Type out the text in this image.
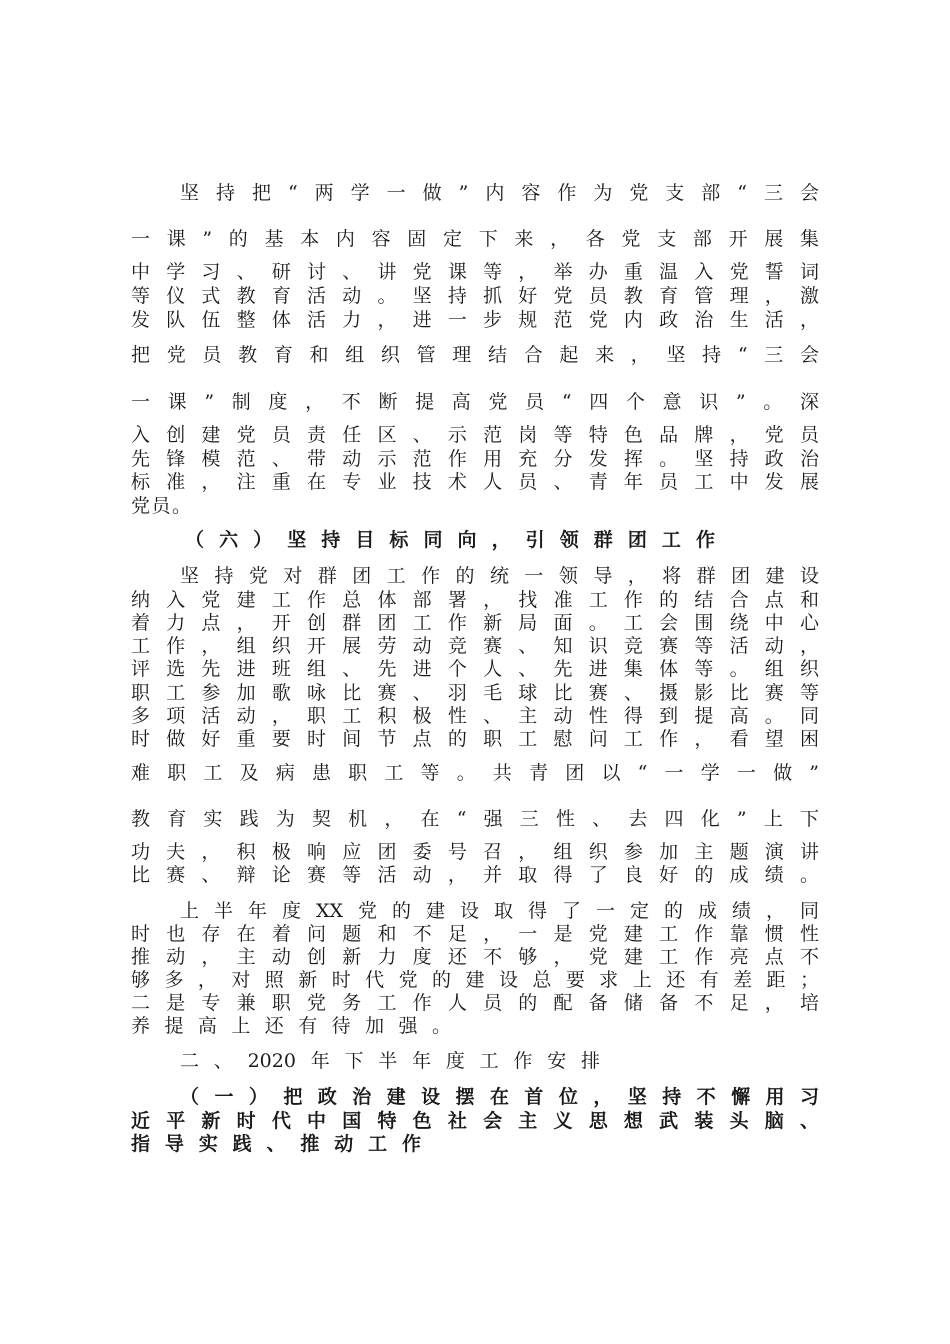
坚持把“两学一做”内容作为党支部“三会
一课”的基本内容固定下来，各党支部开展集
中学习、研讨、讲党课等，举办重温入党誓词
等仪式教育活动。坚持抓好党员教育管理，激
发队伍整体活力，进一步规范党内政治生活，
把党员教育和组织管理结合起来，坚持“三会
一课”制度，不断提高党员“四个意识”。深
入创建党员责任区、示范岗等特色品牌，党员
先锋模范、带动示范作用充分发挥。坚持政治
标准，注重在专业技术人员、青年员工中发展
党员。
（六）坚持目标同向，引领群团工作
坚持党对群团工作的统一领导，将群团建设
纳入党建工作总体部署，找准工作的结合点和
着力点，开创群团工作新局面。工会围绕中心
工作，组织开展劳动竞赛、知识竞赛等活动，
评选先进班组、先进个人、先进集体等。组织
职工参加歌咏比赛、羽毛球比赛、摄影比赛等
多项活动，职工积极性、主动性得到提高。同
时做好重要时间节点的职工慰问工作，看望困
难职工及病患职工等。共青团以“一学一做”
教育实践为契机，在“强三性、去四化”上下
功夫，积极响应团委号召，组织参加主题演讲
比赛、辩论赛等活动，并取得了良好的成绩。
上半年度XX党的建设取得了一定的成绩，同
时也存在着问题和不足，一是党建工作靠惯性
推动，主动创新力度还不够，党建工作亮点不
够多，对照新时代党的建设总要求上还有差距；
二是专兼职党务工作人员的配备储备不足，培
养提高上还有待加强。
二、2020年下半年度工作安排
（一）把政治建设摆在首位，坚持不懈用习
近平新时代中国特色社会主义思想武装头脑、
指导实践、推动工作
